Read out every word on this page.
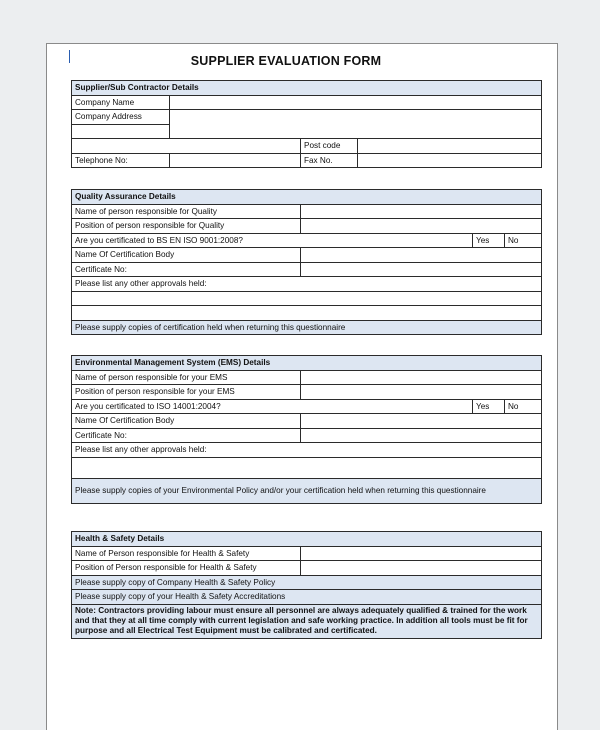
SUPPLIER EVALUATION FORM
Supplier/Sub Contractor Details			
Company Name			
Company Address			

		Post code	
Telephone No:		Fax No.	
Quality Assurance Details			
Name of person responsible for Quality			
Position of person responsible for Quality			
Are you certificated to BS EN ISO 9001:2008?		Yes	No
Name Of Certification Body			
Certificate No:			
Please list any other approvals held:			

Please supply copies of certification held when returning this questionnaire			
Environmental Management System (EMS) Details			
Name of person responsible for your EMS			
Position of person responsible for your EMS			
Are you certificated to ISO 14001:2004?		Yes	No
Name Of Certification Body			
Certificate No:			
Please list any other approvals held:			

Please supply copies of your Environmental Policy and/or your certification held when returning this questionnaire			
Health & Safety Details	
Name of Person responsible for Health & Safety	
Position of Person responsible for Health & Safety	
Please supply copy of Company Health & Safety Policy	
Please supply copy of your Health & Safety Accreditations	
Note: Contractors providing labour must ensure all personnel are always adequately qualified & trained for the work and that they at all time comply with current legislation and safe working practice. In addition all tools must be fit for purpose and all Electrical Test Equipment must be calibrated and certificated.	
